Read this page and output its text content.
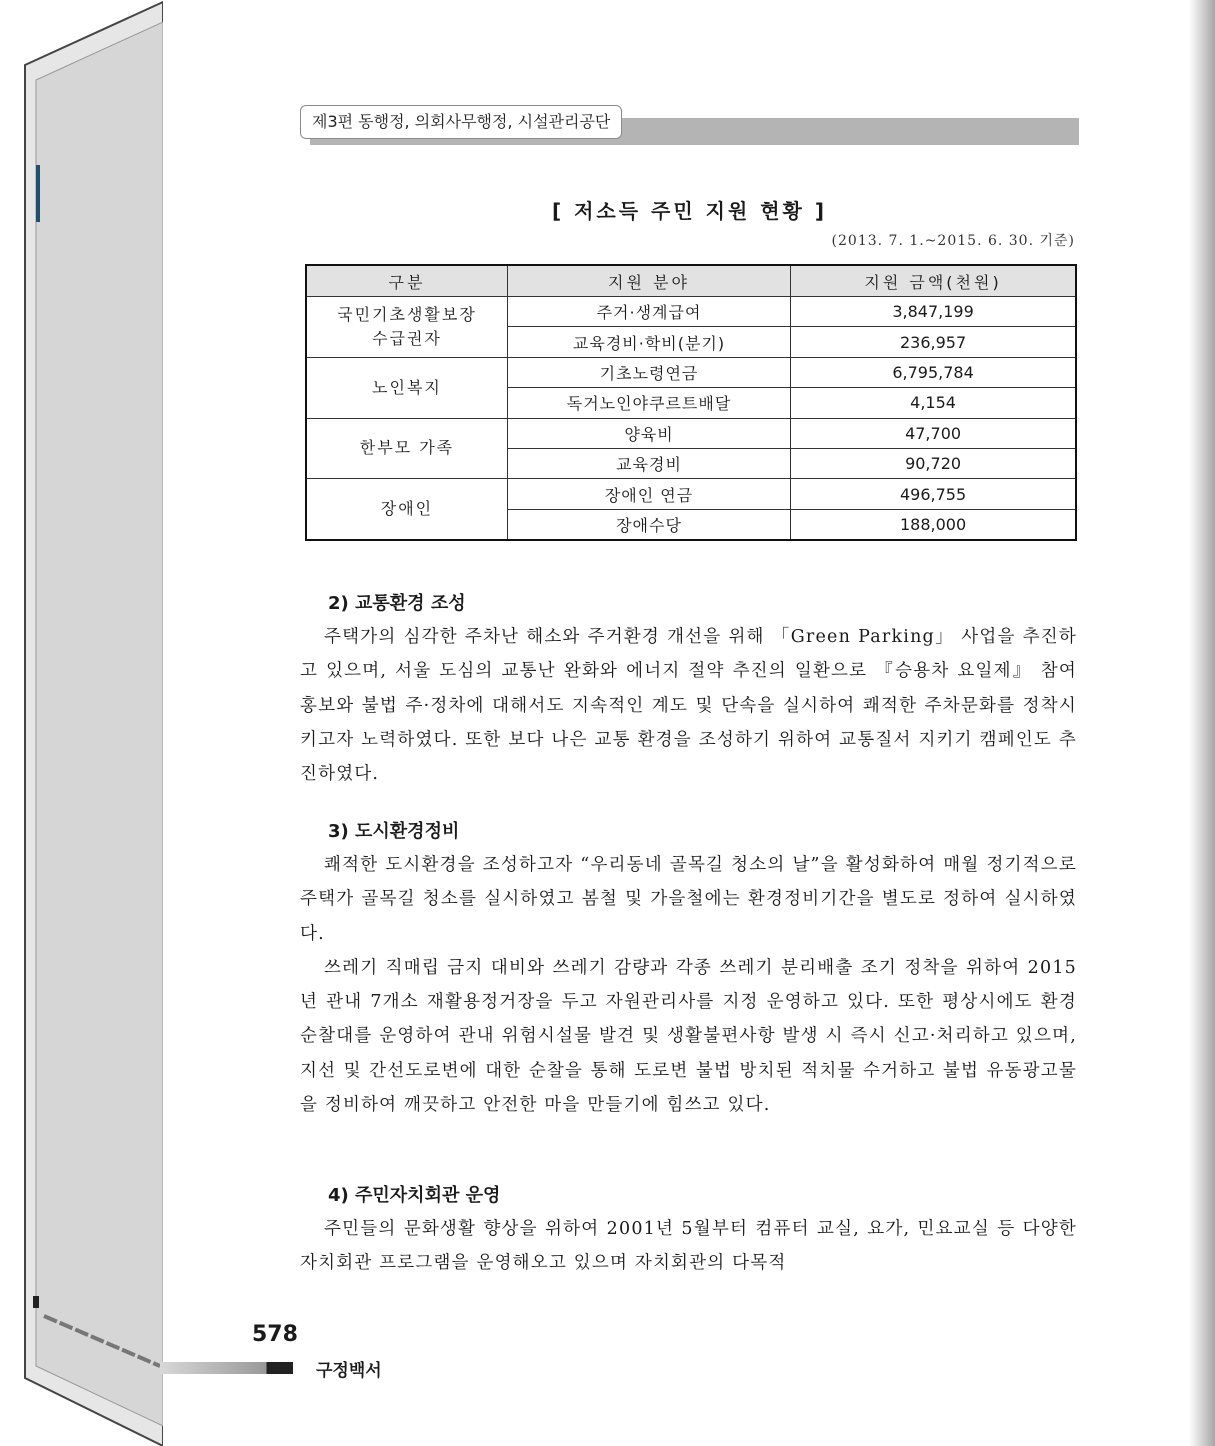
제3편 동행정, 의회사무행정, 시설관리공단
[ 저소득 주민 지원 현황 ]
(2013. 7. 1.~2015. 6. 30. 기준)
구분	지원 분야	지원 금액(천원)
국민기초생활보장
수급권자	주거·생계급여	3,847,199
	교육경비·학비(분기)	236,957
노인복지	기초노령연금	6,795,784
	독거노인야쿠르트배달	4,154
한부모 가족	양육비	47,700
	교육경비	90,720
장애인	장애인 연금	496,755
	장애수당	188,000
2) 교통환경 조성

주택가의 심각한 주차난 해소와 주거환경 개선을 위해 「Green Parking」 사업을 추진하고 있으며, 서울 도심의 교통난 완화와 에너지 절약 추진의 일환으로 『승용차 요일제』 참여 홍보와 불법 주·정차에 대해서도 지속적인 계도 및 단속을 실시하여 쾌적한 주차문화를 정착시키고자 노력하였다. 또한 보다 나은 교통 환경을 조성하기 위하여 교통질서 지키기 캠페인도 추진하였다.

3) 도시환경정비

쾌적한 도시환경을 조성하고자 “우리동네 골목길 청소의 날”을 활성화하여 매월 정기적으로 주택가 골목길 청소를 실시하였고 봄철 및 가을철에는 환경정비기간을 별도로 정하여 실시하였다.

쓰레기 직매립 금지 대비와 쓰레기 감량과 각종 쓰레기 분리배출 조기 정착을 위하여 2015년 관내 7개소 재활용정거장을 두고 자원관리사를 지정 운영하고 있다. 또한 평상시에도 환경순찰대를 운영하여 관내 위험시설물 발견 및 생활불편사항 발생 시 즉시 신고·처리하고 있으며, 지선 및 간선도로변에 대한 순찰을 통해 도로변 불법 방치된 적치물 수거하고 불법 유동광고물을 정비하여 깨끗하고 안전한 마을 만들기에 힘쓰고 있다.

4) 주민자치회관 운영

주민들의 문화생활 향상을 위하여 2001년 5월부터 컴퓨터 교실, 요가, 민요교실 등 다양한 자치회관 프로그램을 운영해오고 있으며 자치회관의 다목적

578
구정백서
